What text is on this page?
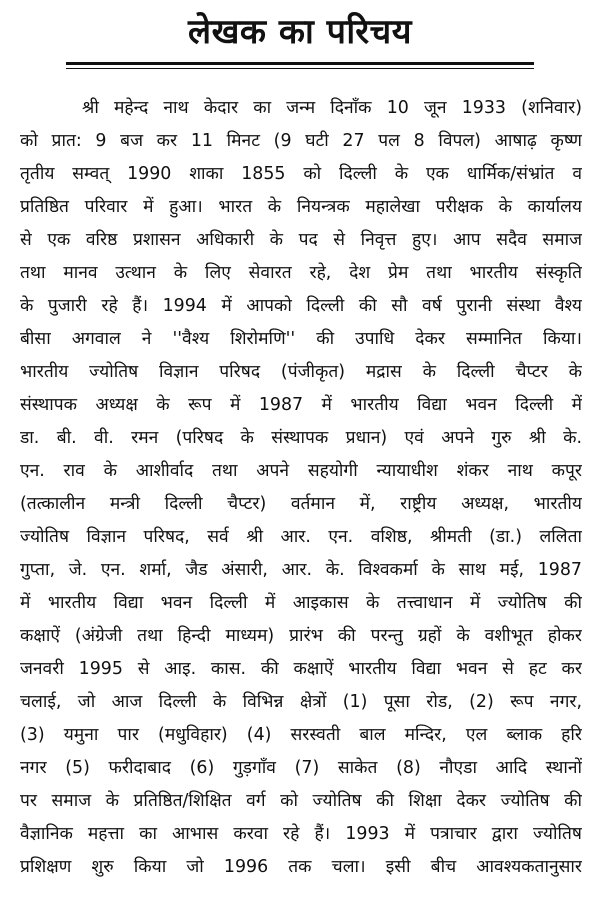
लेखक का परिचय
श्री महेन्द नाथ केदार का जन्म दिनाँक 10 जून 1933 (शनिवार)
को प्रात: 9 बज कर 11 मिनट (9 घटी 27 पल 8 विपल) आषाढ़ कृष्ण
तृतीय सम्वत् 1990 शाका 1855 को दिल्ली के एक धार्मिक/संभ्रांत व
प्रतिष्ठित परिवार में हुआ। भारत के नियन्त्रक महालेखा परीक्षक के कार्यालय
से एक वरिष्ठ प्रशासन अधिकारी के पद से निवृत्त हुए। आप सदैव समाज
तथा मानव उत्थान के लिए सेवारत रहे, देश प्रेम तथा भारतीय संस्कृति
के पुजारी रहे हैं। 1994 में आपको दिल्ली की सौ वर्ष पुरानी संस्था वैश्य
बीसा अगवाल ने ''वैश्य शिरोमणि'' की उपाधि देकर सम्मानित किया।
भारतीय ज्योतिष विज्ञान परिषद (पंजीकृत) मद्रास के दिल्ली चैप्टर के
संस्थापक अध्यक्ष के रूप में 1987 में भारतीय विद्या भवन दिल्ली में
डा. बी. वी. रमन (परिषद के संस्थापक प्रधान) एवं अपने गुरु श्री के.
एन. राव के आशीर्वाद तथा अपने सहयोगी न्यायाधीश शंकर नाथ कपूर
(तत्कालीन मन्त्री दिल्ली चैप्टर) वर्तमान में, राष्ट्रीय अध्यक्ष, भारतीय
ज्योतिष विज्ञान परिषद, सर्व श्री आर. एन. वशिष्ठ, श्रीमती (डा.) ललिता
गुप्ता, जे. एन. शर्मा, जैड अंसारी, आर. के. विश्वकर्मा के साथ मई, 1987
में भारतीय विद्या भवन दिल्ली में आइकास के तत्त्वाधान में ज्योतिष की
कक्षाऐं (अंग्रेजी तथा हिन्दी माध्यम) प्रारंभ की परन्तु ग्रहों के वशीभूत होकर
जनवरी 1995 से आइ. कास. की कक्षाऐं भारतीय विद्या भवन से हट कर
चलाई, जो आज दिल्ली के विभिन्न क्षेत्रों (1) पूसा रोड, (2) रूप नगर,
(3) यमुना पार (मधुविहार) (4) सरस्वती बाल मन्दिर, एल ब्लाक हरि
नगर (5) फरीदाबाद (6) गुड़गाँव (7) साकेत (8) नौएडा आदि स्थानों
पर समाज के प्रतिष्ठित/शिक्षित वर्ग को ज्योतिष की शिक्षा देकर ज्योतिष की
वैज्ञानिक महत्ता का आभास करवा रहे हैं। 1993 में पत्राचार द्वारा ज्योतिष
प्रशिक्षण शुरु किया जो 1996 तक चला। इसी बीच आवश्यकतानुसार
